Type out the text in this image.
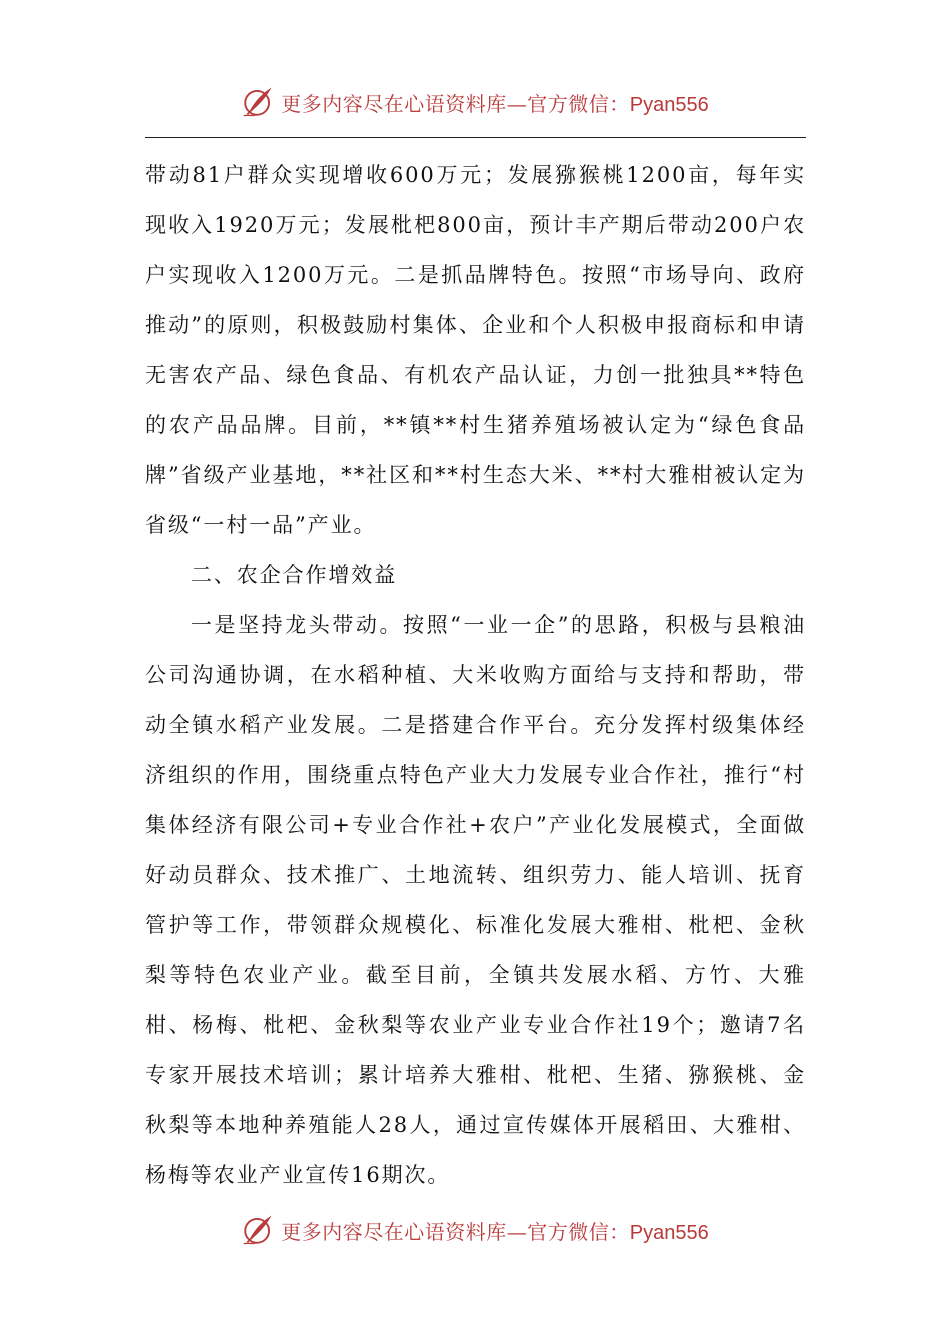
更多内容尽在心语资料库—官方微信：Pyan556

带动81户群众实现增收600万元；发展猕猴桃1200亩，每年实现收入1920万元；发展枇杷800亩，预计丰产期后带动200户农户实现收入1200万元。二是抓品牌特色。按照“市场导向、政府推动”的原则，积极鼓励村集体、企业和个人积极申报商标和申请无害农产品、绿色食品、有机农产品认证，力创一批独具**特色的农产品品牌。目前，**镇**村生猪养殖场被认定为“绿色食品牌”省级产业基地，**社区和**村生态大米、**村大雅柑被认定为省级“一村一品”产业。

二、农企合作增效益

一是坚持龙头带动。按照“一业一企”的思路，积极与县粮油公司沟通协调，在水稻种植、大米收购方面给与支持和帮助，带动全镇水稻产业发展。二是搭建合作平台。充分发挥村级集体经济组织的作用，围绕重点特色产业大力发展专业合作社，推行“村集体经济有限公司+专业合作社+农户”产业化发展模式，全面做好动员群众、技术推广、土地流转、组织劳力、能人培训、抚育管护等工作，带领群众规模化、标准化发展大雅柑、枇杷、金秋梨等特色农业产业。截至目前，全镇共发展水稻、方竹、大雅柑、杨梅、枇杷、金秋梨等农业产业专业合作社19个；邀请7名专家开展技术培训；累计培养大雅柑、枇杷、生猪、猕猴桃、金秋梨等本地种养殖能人28人，通过宣传媒体开展稻田、大雅柑、杨梅等农业产业宣传16期次。

更多内容尽在心语资料库—官方微信：Pyan556
